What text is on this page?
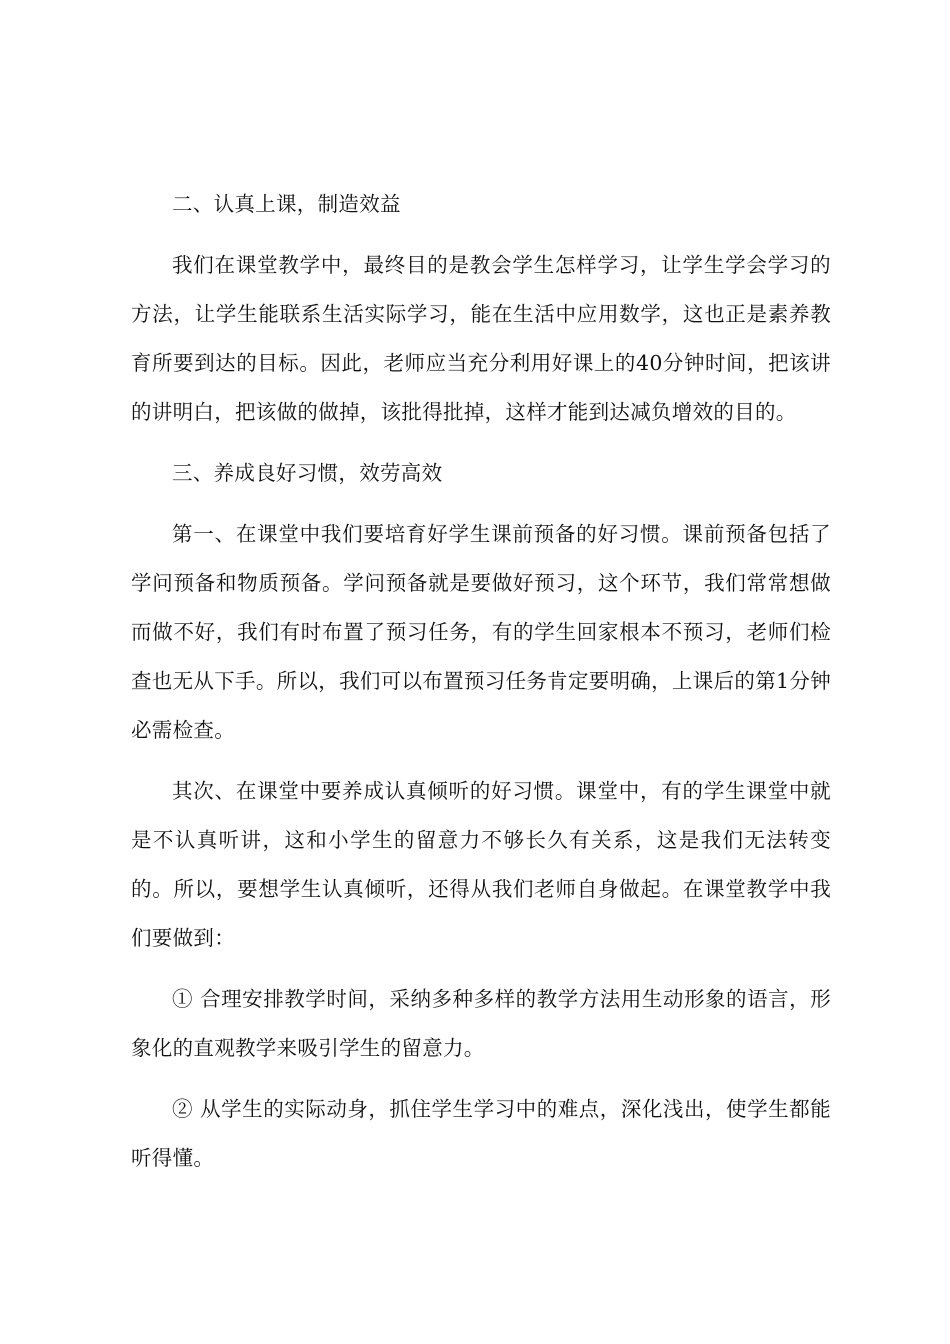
二、认真上课，制造效益

我们在课堂教学中，最终目的是教会学生怎样学习，让学生学会学习的方法，让学生能联系生活实际学习，能在生活中应用数学，这也正是素养教育所要到达的目标。因此，老师应当充分利用好课上的40分钟时间，把该讲的讲明白，把该做的做掉，该批得批掉，这样才能到达减负增效的目的。

三、养成良好习惯，效劳高效

第一、在课堂中我们要培育好学生课前预备的好习惯。课前预备包括了学问预备和物质预备。学问预备就是要做好预习，这个环节，我们常常想做而做不好，我们有时布置了预习任务，有的学生回家根本不预习，老师们检查也无从下手。所以，我们可以布置预习任务肯定要明确，上课后的第1分钟必需检查。

其次、在课堂中要养成认真倾听的好习惯。课堂中，有的学生课堂中就是不认真听讲，这和小学生的留意力不够长久有关系，这是我们无法转变的。所以，要想学生认真倾听，还得从我们老师自身做起。在课堂教学中我们要做到：

① 合理安排教学时间，采纳多种多样的教学方法用生动形象的语言，形象化的直观教学来吸引学生的留意力。

② 从学生的实际动身，抓住学生学习中的难点，深化浅出，使学生都能听得懂。
